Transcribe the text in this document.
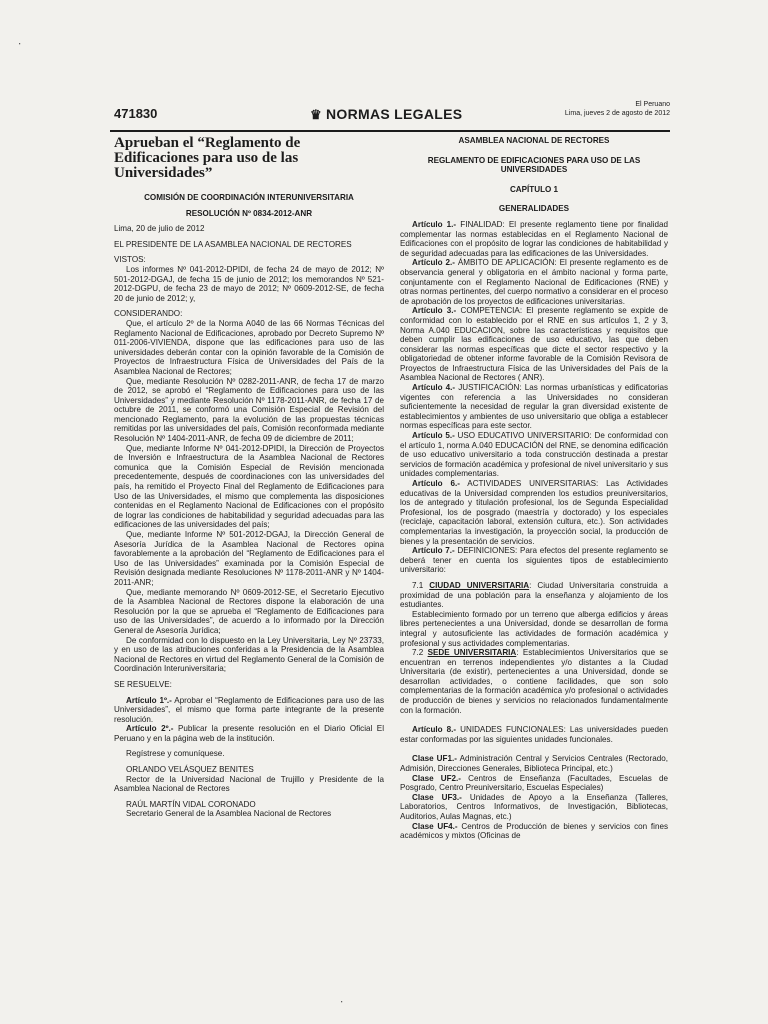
471830	♛ NORMAS LEGALES
El Peruano
Lima, jueves 2 de agosto de 2012
Aprueban el “Reglamento de Edificaciones para uso de las Universidades”

COMISIÓN DE COORDINACIÓN INTERUNIVERSITARIA

RESOLUCIÓN Nº 0834-2012-ANR

Lima, 20 de julio de 2012

EL PRESIDENTE DE LA ASAMBLEA NACIONAL DE RECTORES

VISTOS:

Los informes Nº 041-2012-DPIDI, de fecha 24 de mayo de 2012; Nº 501-2012-DGAJ, de fecha 15 de junio de 2012; los memorandos Nº 521-2012-DGPU, de fecha 23 de mayo de 2012; Nº 0609-2012-SE, de fecha 20 de junio de 2012; y,

CONSIDERANDO:

Que, el artículo 2º de la Norma A040 de las 66 Normas Técnicas del Reglamento Nacional de Edificaciones, aprobado por Decreto Supremo Nº 011-2006-VIVIENDA, dispone que las edificaciones para uso de las universidades deberán contar con la opinión favorable de la Comisión de Proyectos de Infraestructura Física de Universidades del País de la Asamblea Nacional de Rectores;

Que, mediante Resolución Nº 0282-2011-ANR, de fecha 17 de marzo de 2012, se aprobó el “Reglamento de Edificaciones para uso de las Universidades” y mediante Resolución Nº 1178-2011-ANR, de fecha 17 de octubre de 2011, se conformó una Comisión Especial de Revisión del mencionado Reglamento, para la evolución de las propuestas técnicas remitidas por las universidades del país, Comisión reconformada mediante Resolución Nº 1404-2011-ANR, de fecha 09 de diciembre de 2011;

Que, mediante Informe Nº 041-2012-DPIDI, la Dirección de Proyectos de Inversión e Infraestructura de la Asamblea Nacional de Rectores comunica que la Comisión Especial de Revisión mencionada precedentemente, después de coordinaciones con las universidades del país, ha remitido el Proyecto Final del Reglamento de Edificaciones para Uso de las Universidades, el mismo que complementa las disposiciones contenidas en el Reglamento Nacional de Edificaciones con el propósito de lograr las condiciones de habitabilidad y seguridad adecuadas para las edificaciones de las universidades del país;

Que, mediante Informe Nº 501-2012-DGAJ, la Dirección General de Asesoría Jurídica de la Asamblea Nacional de Rectores opina favorablemente a la aprobación del “Reglamento de Edificaciones para el Uso de las Universidades” examinada por la Comisión Especial de Revisión designada mediante Resoluciones Nº 1178-2011-ANR y Nº 1404-2011-ANR;

Que, mediante memorando Nº 0609-2012-SE, el Secretario Ejecutivo de la Asamblea Nacional de Rectores dispone la elaboración de una Resolución por la que se aprueba el “Reglamento de Edificaciones para uso de las Universidades”, de acuerdo a lo informado por la Dirección General de Asesoría Jurídica;

De conformidad con lo dispuesto en la Ley Universitaria, Ley Nº 23733, y en uso de las atribuciones conferidas a la Presidencia de la Asamblea Nacional de Rectores en virtud del Reglamento General de la Comisión de Coordinación Interuniversitaria;

SE RESUELVE:

Artículo 1º.- Aprobar el “Reglamento de Edificaciones para uso de las Universidades”, el mismo que forma parte integrante de la presente resolución.

Artículo 2º.- Publicar la presente resolución en el Diario Oficial El Peruano y en la página web de la institución.

Regístrese y comuníquese.

ORLANDO VELÁSQUEZ BENITES

Rector de la Universidad Nacional de Trujillo y Presidente de la Asamblea Nacional de Rectores

RAÚL MARTÍN VIDAL CORONADO

Secretario General de la Asamblea Nacional de Rectores

ASAMBLEA NACIONAL DE RECTORES

REGLAMENTO DE EDIFICACIONES PARA USO DE LAS UNIVERSIDADES

CAPÍTULO 1

GENERALIDADES

Artículo 1.- FINALIDAD: El presente reglamento tiene por finalidad complementar las normas establecidas en el Reglamento Nacional de Edificaciones con el propósito de lograr las condiciones de habitabilidad y de seguridad adecuadas para las edificaciones de las Universidades.

Artículo 2.- ÁMBITO DE APLICACIÓN: El presente reglamento es de observancia general y obligatoria en el ámbito nacional y forma parte, conjuntamente con el Reglamento Nacional de Edificaciones (RNE) y otras normas pertinentes, del cuerpo normativo a considerar en el proceso de aprobación de los proyectos de edificaciones universitarias.

Artículo 3.- COMPETENCIA: El presente reglamento se expide de conformidad con lo establecido por el RNE en sus artículos 1, 2 y 3, Norma A.040 EDUCACION, sobre las características y requisitos que deben cumplir las edificaciones de uso educativo, las que deben considerar las normas específicas que dicte el sector respectivo y la obligatoriedad de obtener informe favorable de la Comisión Revisora de Proyectos de Infraestructura Física de las Universidades del País de la Asamblea Nacional de Rectores ( ANR).

Artículo 4.- JUSTIFICACIÓN: Las normas urbanísticas y edificatorias vigentes con referencia a las Universidades no consideran suficientemente la necesidad de regular la gran diversidad existente de establecimientos y ambientes de uso universitario que obliga a establecer normas específicas para este sector.

Artículo 5.- USO EDUCATIVO UNIVERSITARIO: De conformidad con el artículo 1, norma A.040 EDUCACIÓN del RNE, se denomina edificación de uso educativo universitario a toda construcción destinada a prestar servicios de formación académica y profesional de nivel universitario y sus unidades complementarias.

Artículo 6.- ACTIVIDADES UNIVERSITARIAS: Las Actividades educativas de la Universidad comprenden los estudios preuniversitarios, los de antegrado y titulación profesional, los de Segunda Especialidad Profesional, los de posgrado (maestría y doctorado) y los especiales (reciclaje, capacitación laboral, extensión cultura, etc.). Son actividades complementarias la investigación, la proyección social, la producción de bienes y la presentación de servicios.

Artículo 7.- DEFINICIONES: Para efectos del presente reglamento se deberá tener en cuenta los siguientes tipos de establecimiento universitario:

7.1 CIUDAD UNIVERSITARIA: Ciudad Universitaria construida a proximidad de una población para la enseñanza y alojamiento de los estudiantes.

Establecimiento formado por un terreno que alberga edificios y áreas libres pertenecientes a una Universidad, donde se desarrollan de forma integral y autosuficiente las actividades de formación académica y profesional y sus actividades complementarias.

7.2 SEDE UNIVERSITARIA: Establecimientos Universitarios que se encuentran en terrenos independientes y/o distantes a la Ciudad Universitaria (de existir), pertenecientes a una Universidad, donde se desarrollan actividades, o contiene facilidades, que son solo complementarias de la formación académica y/o profesional o actividades de producción de bienes y servicios no relacionados fundamentalmente con la formación.

Artículo 8.- UNIDADES FUNCIONALES: Las universidades pueden estar conformadas por las siguientes unidades funcionales.

Clase UF1.- Administración Central y Servicios Centrales (Rectorado, Admisión, Direcciones Generales, Biblioteca Principal, etc.)

Clase UF2.- Centros de Enseñanza (Facultades, Escuelas de Posgrado, Centro Preuniversitario, Escuelas Especiales)

Clase UF3.- Unidades de Apoyo a la Enseñanza (Talleres, Laboratorios, Centros Informativos, de Investigación, Bibliotecas, Auditorios, Aulas Magnas, etc.)

Clase UF4.- Centros de Producción de bienes y servicios con fines académicos y mixtos (Oficinas de

∙
∙
